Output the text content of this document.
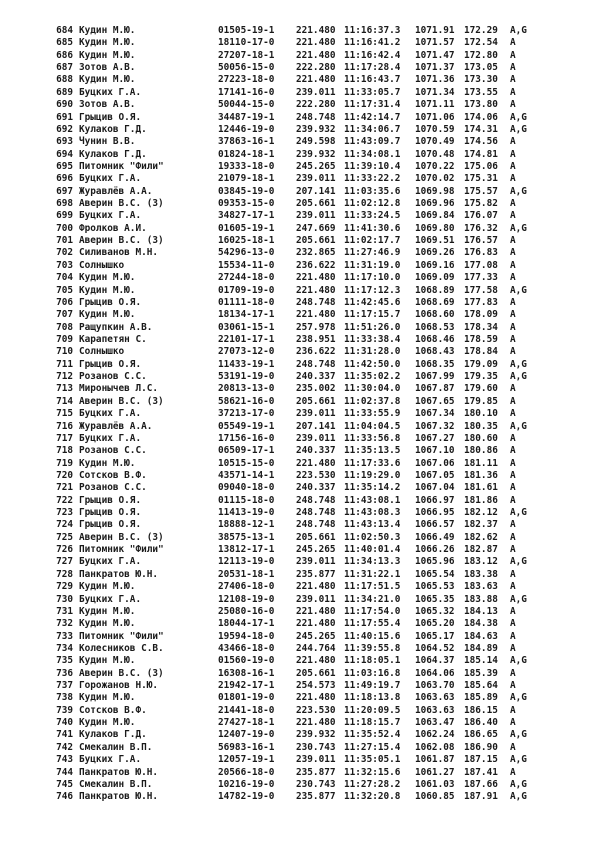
684 Кудин М.Ю.	01505-19-1 221.480 11:16:37.3 1071.91 172.29 A,G
685 Кудин М.Ю.	18110-17-0 221.480 11:16:41.2 1071.57 172.54 A
686 Кудин М.Ю.	27207-18-1 221.480 11:16:42.4 1071.47 172.80 A
687 Зотов А.В.	50056-15-0 222.280 11:17:28.4 1071.37 173.05 A
688 Кудин М.Ю.	27223-18-0 221.480 11:16:43.7 1071.36 173.30 A
689 Буцких Г.А.	17141-16-0 239.011 11:33:05.7 1071.34 173.55 A
690 Зотов А.В.	50044-15-0 222.280 11:17:31.4 1071.11 173.80 A
691 Грыцив О.Я.	34487-19-1 248.748 11:42:14.7 1071.06 174.06 A,G
692 Кулаков Г.Д.	12446-19-0 239.932 11:34:06.7 1070.59 174.31 A,G
693 Чунин В.В.	37863-16-1 249.598 11:43:09.7 1070.49 174.56 A
694 Кулаков Г.Д.	01824-18-1 239.932 11:34:08.1 1070.48 174.81 A
695 Питомник "Фили"	19333-18-0 245.265 11:39:10.4 1070.22 175.06 A
696 Буцких Г.А.	21079-18-1 239.011 11:33:22.2 1070.02 175.31 A
697 Журавлёв А.А.	03845-19-0 207.141 11:03:35.6 1069.98 175.57 A,G
698 Аверин В.С. (З)	09353-15-0 205.661 11:02:12.8 1069.96 175.82 A
699 Буцких Г.А.	34827-17-1 239.011 11:33:24.5 1069.84 176.07 A
700 Фролков А.И.	01605-19-1 247.669 11:41:30.6 1069.80 176.32 A,G
701 Аверин В.С. (З)	16025-18-1 205.661 11:02:17.7 1069.51 176.57 A
702 Силиванов М.Н.	54296-13-0 232.865 11:27:46.9 1069.26 176.83 A
703 Солнышко	15534-11-0 236.622 11:31:19.0 1069.16 177.08 A
704 Кудин М.Ю.	27244-18-0 221.480 11:17:10.0 1069.09 177.33 A
705 Кудин М.Ю.	01709-19-0 221.480 11:17:12.3 1068.89 177.58 A,G
706 Грыцив О.Я.	01111-18-0 248.748 11:42:45.6 1068.69 177.83 A
707 Кудин М.Ю.	18134-17-1 221.480 11:17:15.7 1068.60 178.09 A
708 Ращупкин А.В.	03061-15-1 257.978 11:51:26.0 1068.53 178.34 A
709 Карапетян С.	22101-17-1 238.951 11:33:38.4 1068.46 178.59 A
710 Солнышко	27073-12-0 236.622 11:31:28.0 1068.43 178.84 A
711 Грыцив О.Я.	11433-19-1 248.748 11:42:50.0 1068.35 179.09 A,G
712 Розанов С.С.	53191-19-0 240.337 11:35:02.2 1067.99 179.35 A,G
713 Миронычев Л.С.	20813-13-0 235.002 11:30:04.0 1067.87 179.60 A
714 Аверин В.С. (З)	58621-16-0 205.661 11:02:37.8 1067.65 179.85 A
715 Буцких Г.А.	37213-17-0 239.011 11:33:55.9 1067.34 180.10 A
716 Журавлёв А.А.	05549-19-1 207.141 11:04:04.5 1067.32 180.35 A,G
717 Буцких Г.А.	17156-16-0 239.011 11:33:56.8 1067.27 180.60 A
718 Розанов С.С.	06509-17-1 240.337 11:35:13.5 1067.10 180.86 A
719 Кудин М.Ю.	10515-15-0 221.480 11:17:33.6 1067.06 181.11 A
720 Сотсков В.Ф.	43571-14-1 223.530 11:19:29.0 1067.05 181.36 A
721 Розанов С.С.	09040-18-0 240.337 11:35:14.2 1067.04 181.61 A
722 Грыцив О.Я.	01115-18-0 248.748 11:43:08.1 1066.97 181.86 A
723 Грыцив О.Я.	11413-19-0 248.748 11:43:08.3 1066.95 182.12 A,G
724 Грыцив О.Я.	18888-12-1 248.748 11:43:13.4 1066.57 182.37 A
725 Аверин В.С. (З)	38575-13-1 205.661 11:02:50.3 1066.49 182.62 A
726 Питомник "Фили"	13812-17-1 245.265 11:40:01.4 1066.26 182.87 A
727 Буцких Г.А.	12113-19-0 239.011 11:34:13.3 1065.96 183.12 A,G
728 Панкратов Ю.Н.	20531-18-1 235.877 11:31:22.1 1065.54 183.38 A
729 Кудин М.Ю.	27406-18-0 221.480 11:17:51.5 1065.53 183.63 A
730 Буцких Г.А.	12108-19-0 239.011 11:34:21.0 1065.35 183.88 A,G
731 Кудин М.Ю.	25080-16-0 221.480 11:17:54.0 1065.32 184.13 A
732 Кудин М.Ю.	18044-17-1 221.480 11:17:55.4 1065.20 184.38 A
733 Питомник "Фили"	19594-18-0 245.265 11:40:15.6 1065.17 184.63 A
734 Колесников С.В.	43466-18-0 244.764 11:39:55.8 1064.52 184.89 A
735 Кудин М.Ю.	01560-19-0 221.480 11:18:05.1 1064.37 185.14 A,G
736 Аверин В.С. (З)	16308-16-1 205.661 11:03:16.8 1064.06 185.39 A
737 Горожанов Н.Ю.	21942-17-1 254.573 11:49:19.7 1063.70 185.64 A
738 Кудин М.Ю.	01801-19-0 221.480 11:18:13.8 1063.63 185.89 A,G
739 Сотсков В.Ф.	21441-18-0 223.530 11:20:09.5 1063.63 186.15 A
740 Кудин М.Ю.	27427-18-1 221.480 11:18:15.7 1063.47 186.40 A
741 Кулаков Г.Д.	12407-19-0 239.932 11:35:52.4 1062.24 186.65 A,G
742 Смекалин В.П.	56983-16-1 230.743 11:27:15.4 1062.08 186.90 A
743 Буцких Г.А.	12057-19-1 239.011 11:35:05.1 1061.87 187.15 A,G
744 Панкратов Ю.Н.	20566-18-0 235.877 11:32:15.6 1061.27 187.41 A
745 Смекалин В.П.	10216-19-0 230.743 11:27:28.2 1061.03 187.66 A,G
746 Панкратов Ю.Н.	14782-19-0 235.877 11:32:20.8 1060.85 187.91 A,G
